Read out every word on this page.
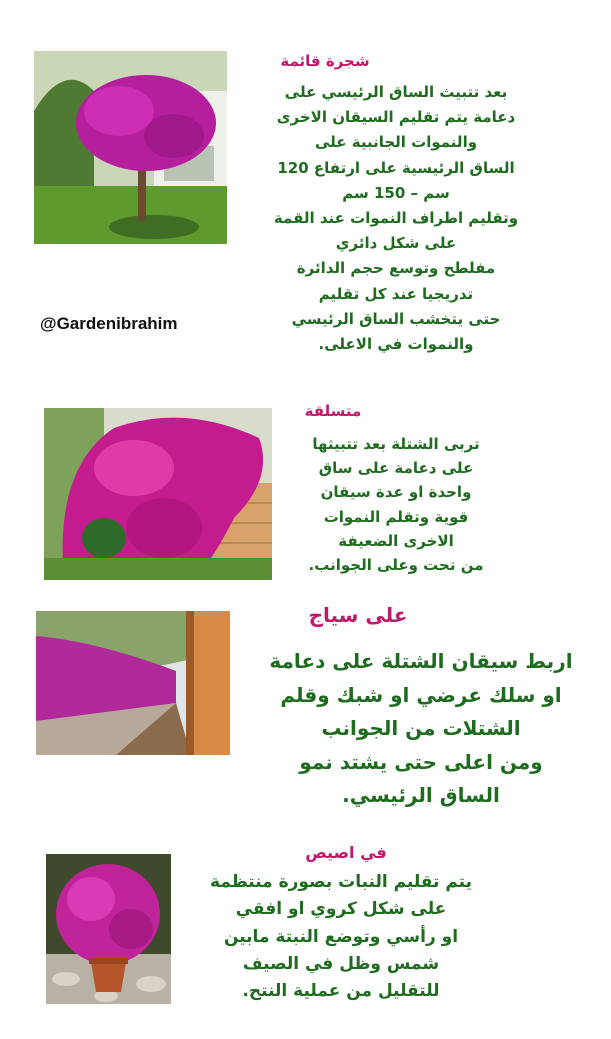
شجرة قائمة
بعد تتبيث الساق الرئيسي على
دعامة يتم تقليم السيقان الاخرى
والنموات الجانبية على
الساق الرئيسية على ارتفاع 120
سم – 150 سم
وتقليم اطراف النموات عند القمة
على شكل دائري
مفلطح وتوسع حجم الدائرة
تدريجيا عند كل تقليم
حتى يتخشب الساق الرئيسي
والنموات في الاعلى.
@Gardenibrahim
متسلقة
تربى الشتلة بعد تتبيثها
على دعامة على ساق
واحدة او عدة سيقان
قوية وتقلم النموات
الاخرى الضعيفة
من تحت وعلى الجوانب.
على سياج
اربط سيقان الشتلة على دعامة
او سلك عرضي او شبك وقلم
الشتلات من الجوانب
ومن اعلى حتى يشتد نمو
الساق الرئيسي.
في اصيص
يتم تقليم النبات بصورة منتظمة
على شكل كروي او افقي
او رأسي وتوضع النبتة مابين
شمس وظل في الصيف
للتقليل من عملية النتح.
